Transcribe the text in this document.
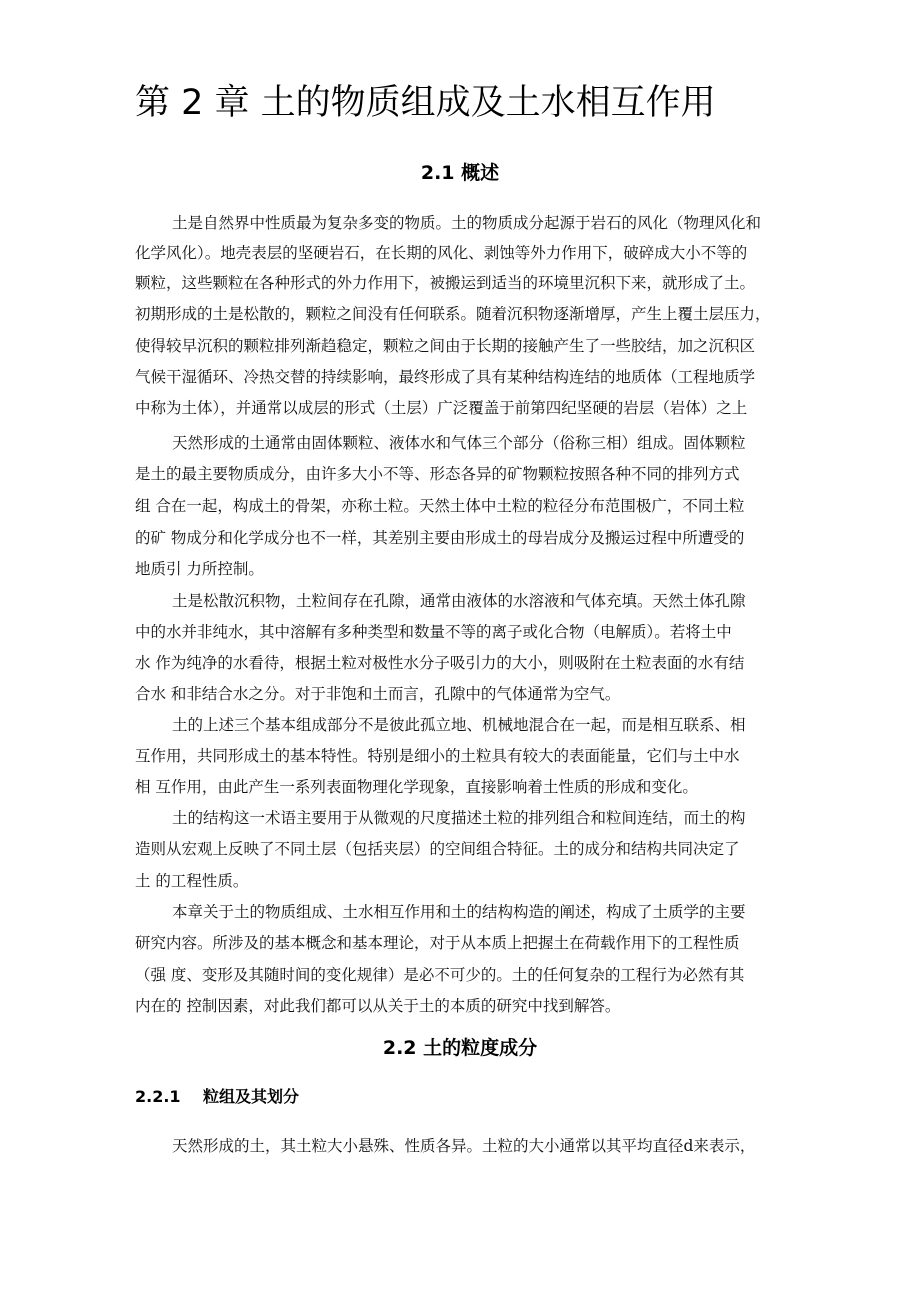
第 2 章 土的物质组成及土水相互作用
2.1 概述

土是自然界中性质最为复杂多变的物质。土的物质成分起源于岩石的风化（物理风化和

化学风化）。地壳表层的坚硬岩石，在长期的风化、剥蚀等外力作用下，破碎成大小不等的

颗粒，这些颗粒在各种形式的外力作用下，被搬运到适当的环境里沉积下来，就形成了土。

初期形成的土是松散的，颗粒之间没有任何联系。随着沉积物逐渐增厚，产生上覆土层压力，

使得较早沉积的颗粒排列渐趋稳定，颗粒之间由于长期的接触产生了一些胶结，加之沉积区

气候干湿循环、冷热交替的持续影响，最终形成了具有某种结构连结的地质体（工程地质学

中称为土体），并通常以成层的形式（土层）广泛覆盖于前第四纪坚硬的岩层（岩体）之上

天然形成的土通常由固体颗粒、液体水和气体三个部分（俗称三相）组成。固体颗粒

是土的最主要物质成分，由许多大小不等、形态各异的矿物颗粒按照各种不同的排列方式

组 合在一起，构成土的骨架，亦称土粒。天然土体中土粒的粒径分布范围极广，不同土粒

的矿 物成分和化学成分也不一样，其差别主要由形成土的母岩成分及搬运过程中所遭受的

地质引 力所控制。

土是松散沉积物，土粒间存在孔隙，通常由液体的水溶液和气体充填。天然土体孔隙

中的水并非纯水，其中溶解有多种类型和数量不等的离子或化合物（电解质）。若将土中

水 作为纯净的水看待，根据土粒对极性水分子吸引力的大小，则吸附在土粒表面的水有结

合水 和非结合水之分。对于非饱和土而言，孔隙中的气体通常为空气。

土的上述三个基本组成部分不是彼此孤立地、机械地混合在一起，而是相互联系、相

互作用，共同形成土的基本特性。特别是细小的土粒具有较大的表面能量，它们与土中水

相 互作用，由此产生一系列表面物理化学现象，直接影响着土性质的形成和变化。

土的结构这一术语主要用于从微观的尺度描述土粒的排列组合和粒间连结，而土的构

造则从宏观上反映了不同土层（包括夹层）的空间组合特征。土的成分和结构共同决定了

土 的工程性质。

本章关于土的物质组成、土水相互作用和土的结构构造的阐述，构成了土质学的主要

研究内容。所涉及的基本概念和基本理论，对于从本质上把握土在荷载作用下的工程性质

（强 度、变形及其随时间的变化规律）是必不可少的。土的任何复杂的工程行为必然有其

内在的 控制因素，对此我们都可以从关于土的本质的研究中找到解答。

2.2 土的粒度成分
2.2.1 粒组及其划分

天然形成的土，其土粒大小悬殊、性质各异。土粒的大小通常以其平均直径d来表示，
